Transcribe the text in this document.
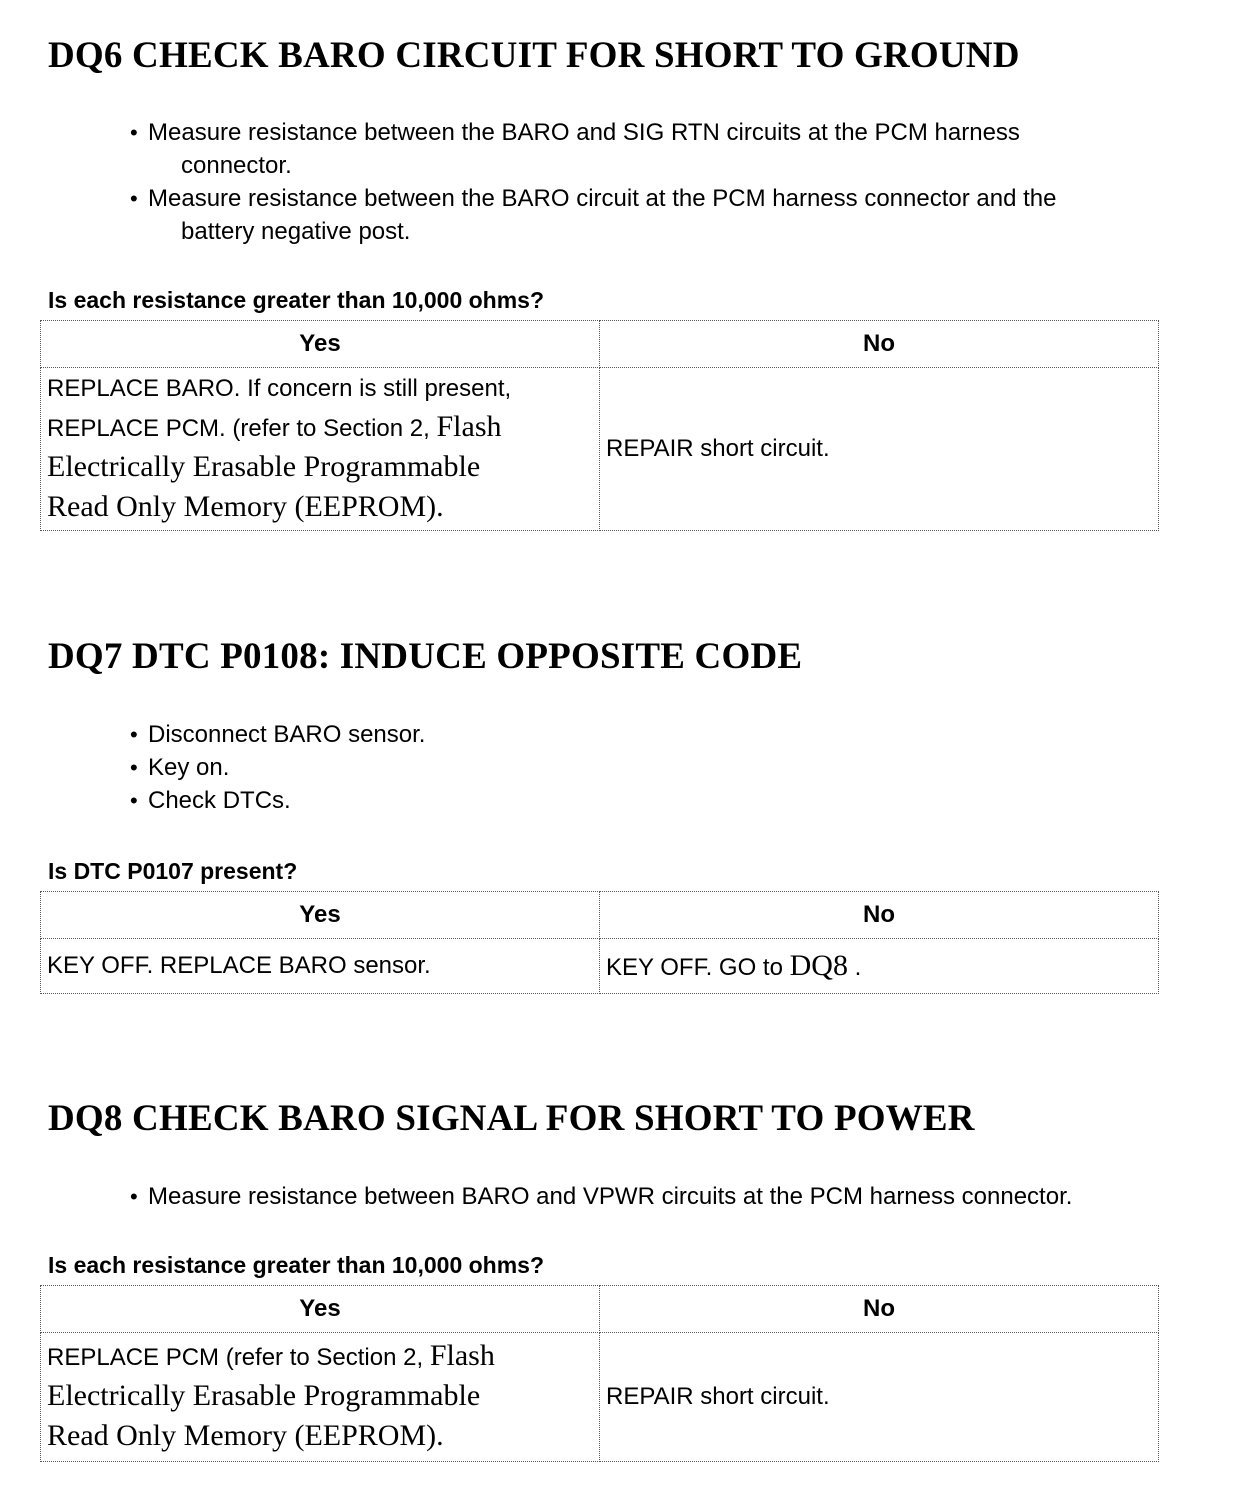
DQ6 CHECK BARO CIRCUIT FOR SHORT TO GROUND
• Measure resistance between the BARO and SIG RTN circuits at the PCM harness
connector.
• Measure resistance between the BARO circuit at the PCM harness connector and the
battery negative post.
Is each resistance greater than 10,000 ohms?
Yes	No
REPLACE BARO. If concern is still present,
REPLACE PCM. (refer to Section 2, Flash
Electrically Erasable Programmable
Read Only Memory (EEPROM).	REPAIR short circuit.
DQ7 DTC P0108: INDUCE OPPOSITE CODE
• Disconnect BARO sensor.
• Key on.
• Check DTCs.
Is DTC P0107 present?
Yes	No
KEY OFF. REPLACE BARO sensor.	KEY OFF. GO to DQ8 .
DQ8 CHECK BARO SIGNAL FOR SHORT TO POWER
• Measure resistance between BARO and VPWR circuits at the PCM harness connector.
Is each resistance greater than 10,000 ohms?
Yes	No
REPLACE PCM (refer to Section 2, Flash
Electrically Erasable Programmable
Read Only Memory (EEPROM).	REPAIR short circuit.
